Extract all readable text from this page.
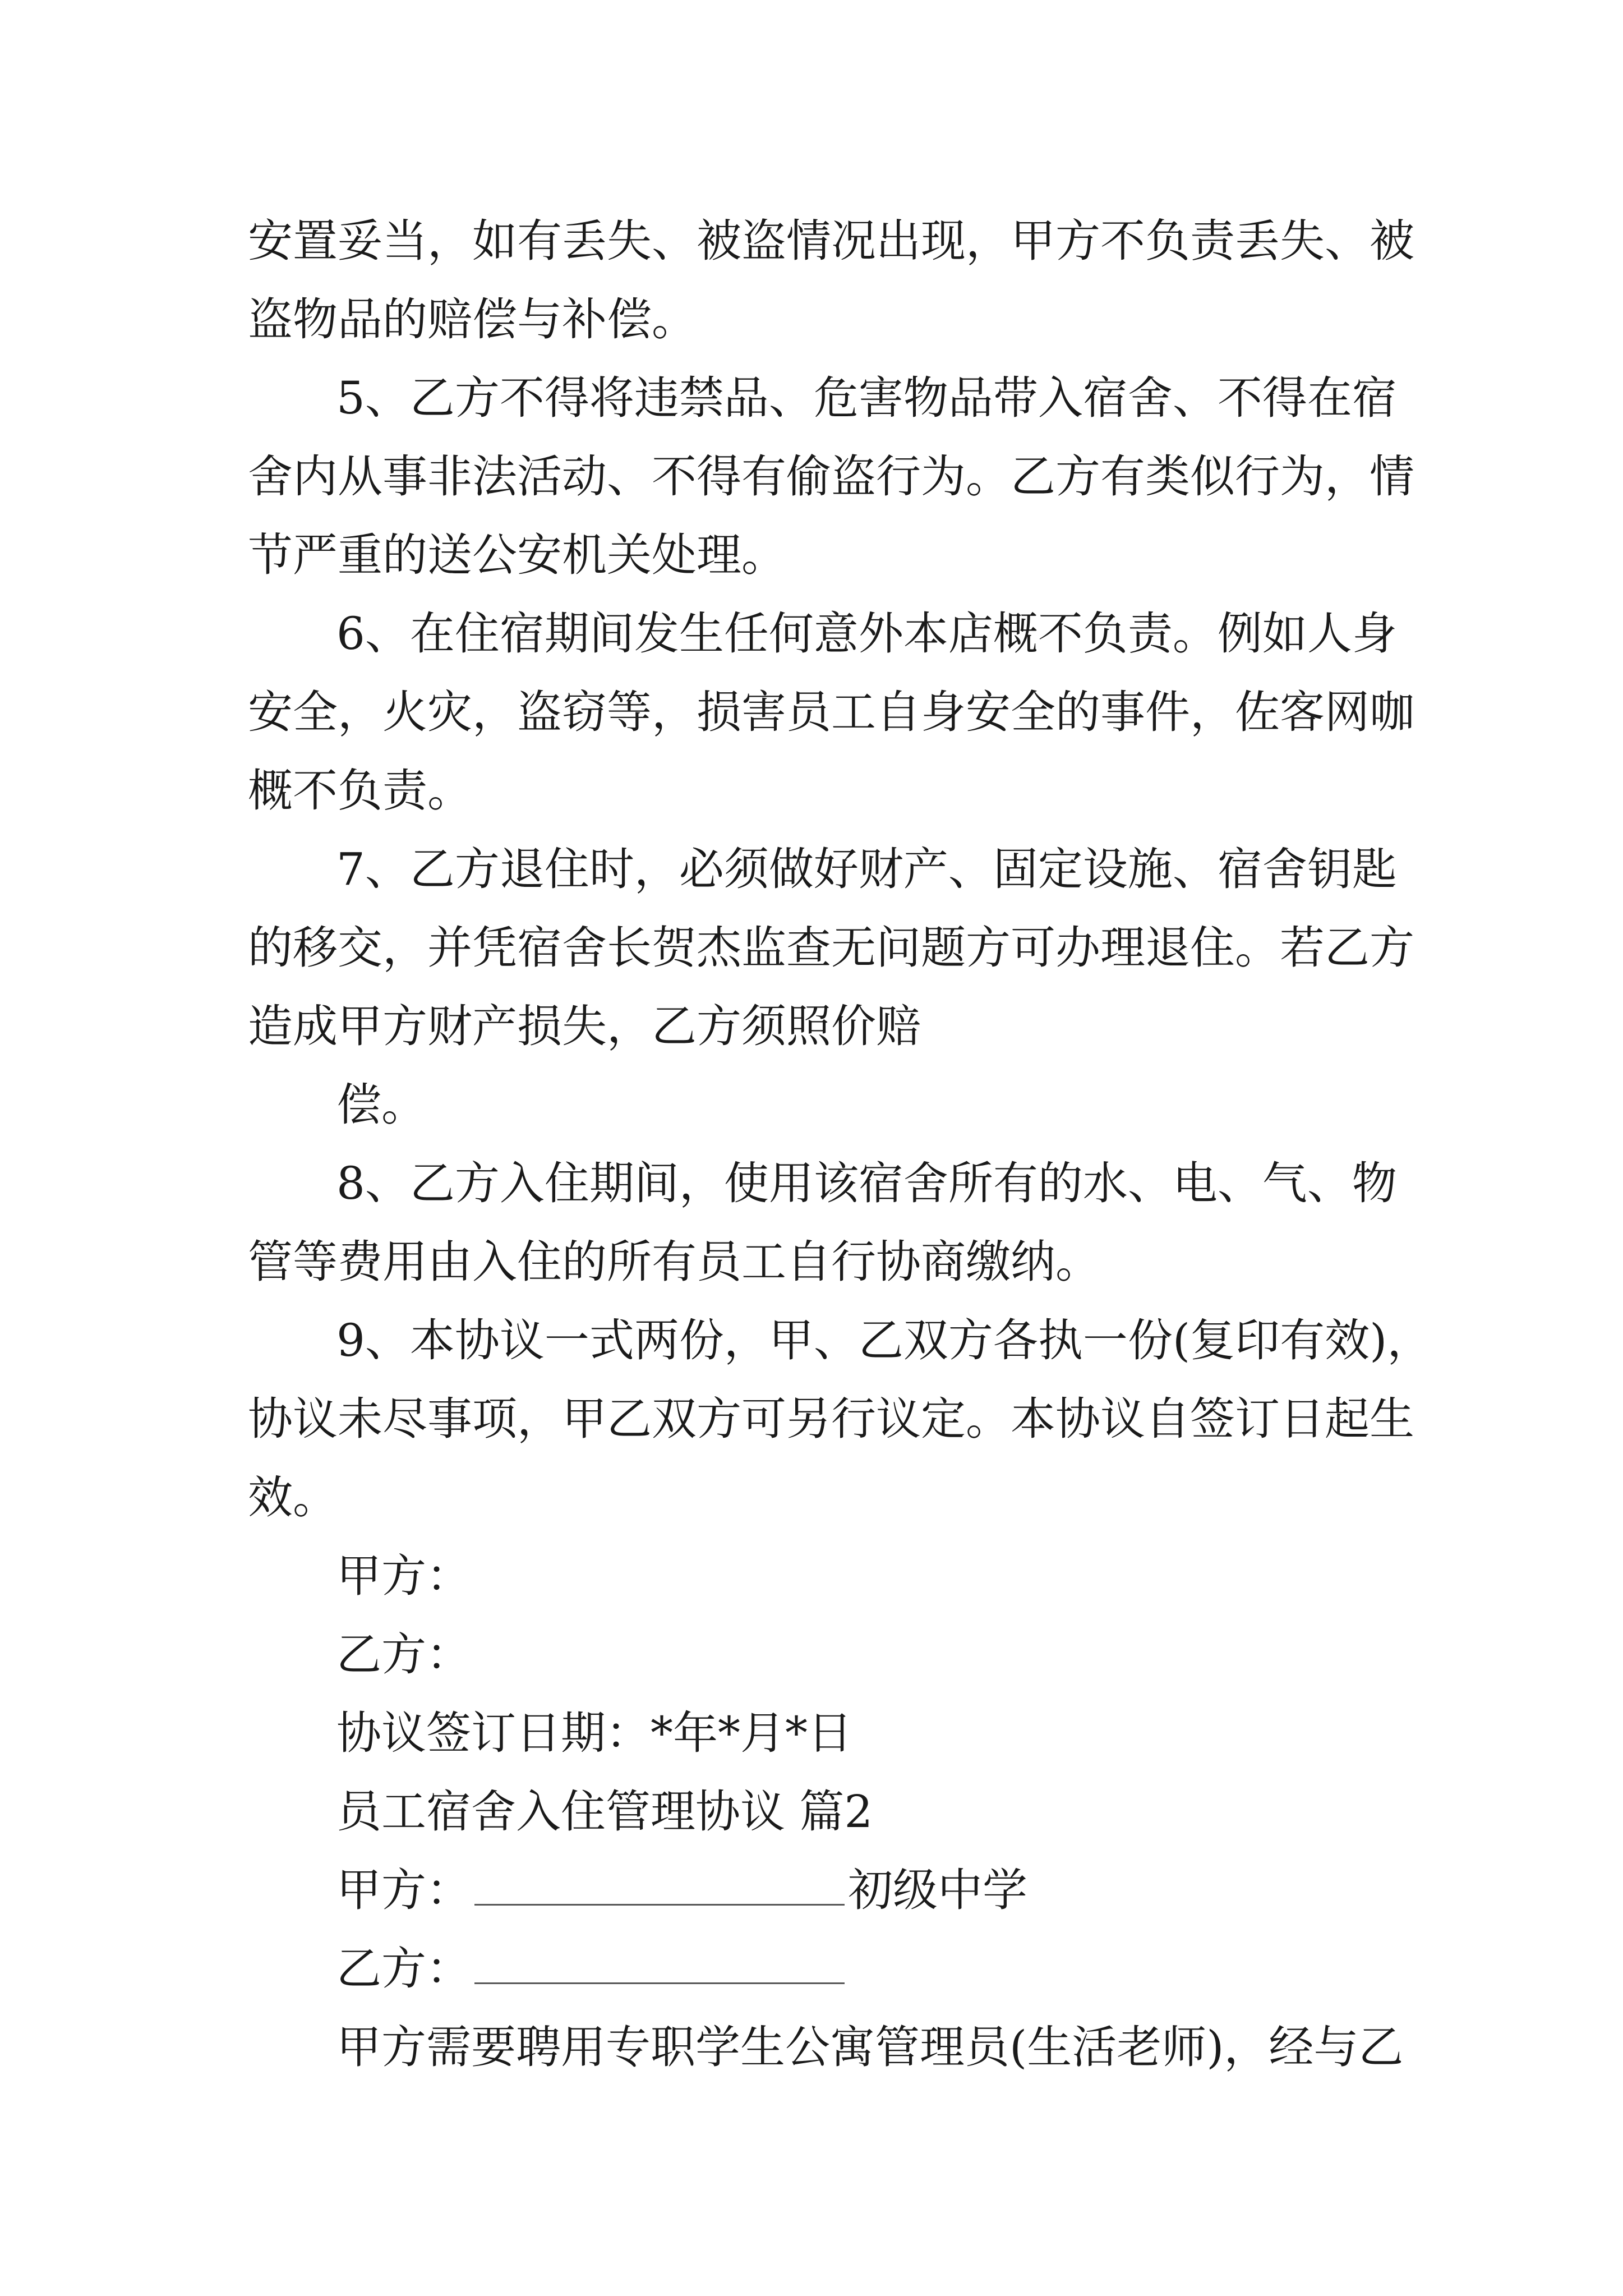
安置妥当，如有丢失、被盗情况出现，甲方不负责丢失、被
盗物品的赔偿与补偿。
5、乙方不得将违禁品、危害物品带入宿舍、不得在宿
舍内从事非法活动、不得有偷盗行为。乙方有类似行为，情
节严重的送公安机关处理。
6、在住宿期间发生任何意外本店概不负责。例如人身
安全，火灾，盗窃等，损害员工自身安全的事件，佐客网咖
概不负责。
7、乙方退住时，必须做好财产、固定设施、宿舍钥匙
的移交，并凭宿舍长贺杰监查无问题方可办理退住。若乙方
造成甲方财产损失，乙方须照价赔
偿。
8、乙方入住期间，使用该宿舍所有的水、电、气、物
管等费用由入住的所有员工自行协商缴纳。
9、本协议一式两份，甲、乙双方各执一份(复印有效)，
协议未尽事项，甲乙双方可另行议定。本协议自签订日起生
效。
甲方：
乙方：
协议签订日期：*年*月*日
员工宿舍入住管理协议 篇2
甲方：	初级中学
乙方：
甲方需要聘用专职学生公寓管理员(生活老师)，经与乙
